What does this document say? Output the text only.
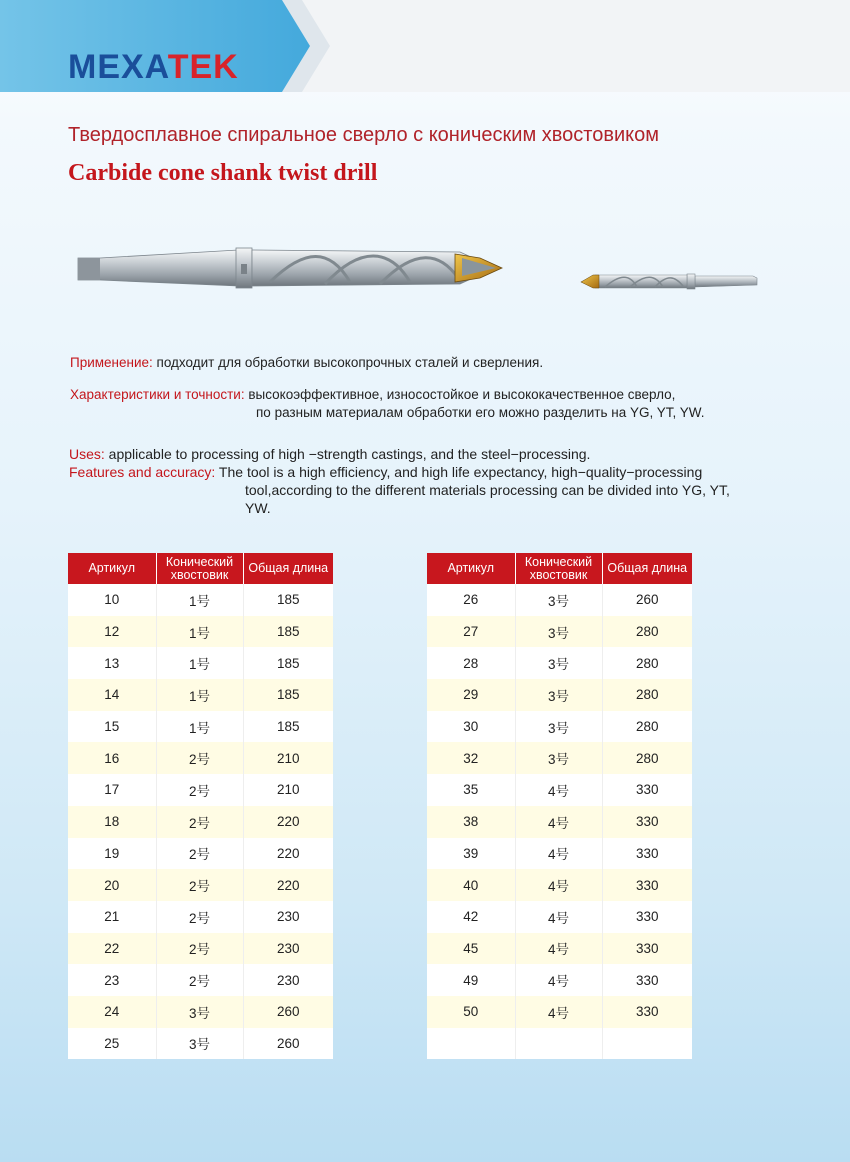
MEXATEK
Твердосплавное спиральное сверло с коническим хвостовиком
Carbide cone shank twist drill
Применение: подходит для обработки высокопрочных сталей и сверления.
Характеристики и точности: высокоэффективное, износостойкое и высококачественное сверло,
по разным материалам обработки его можно разделить на YG, YT, YW.
Uses: applicable to processing of high −strength castings, and the steel−processing.
Features and accuracy: The tool is a high efficiency, and high life expectancy, high−quality−processing
tool,according to the different materials processing can be divided into YG, YT,
YW.
Артикул	Конический хвостовик	Общая длина
10	1号	185
12	1号	185
13	1号	185
14	1号	185
15	1号	185
16	2号	210
17	2号	210
18	2号	220
19	2号	220
20	2号	220
21	2号	230
22	2号	230
23	2号	230
24	3号	260
25	3号	260
Артикул	Конический хвостовик	Общая длина
26	3号	260
27	3号	280
28	3号	280
29	3号	280
30	3号	280
32	3号	280
35	4号	330
38	4号	330
39	4号	330
40	4号	330
42	4号	330
45	4号	330
49	4号	330
50	4号	330
